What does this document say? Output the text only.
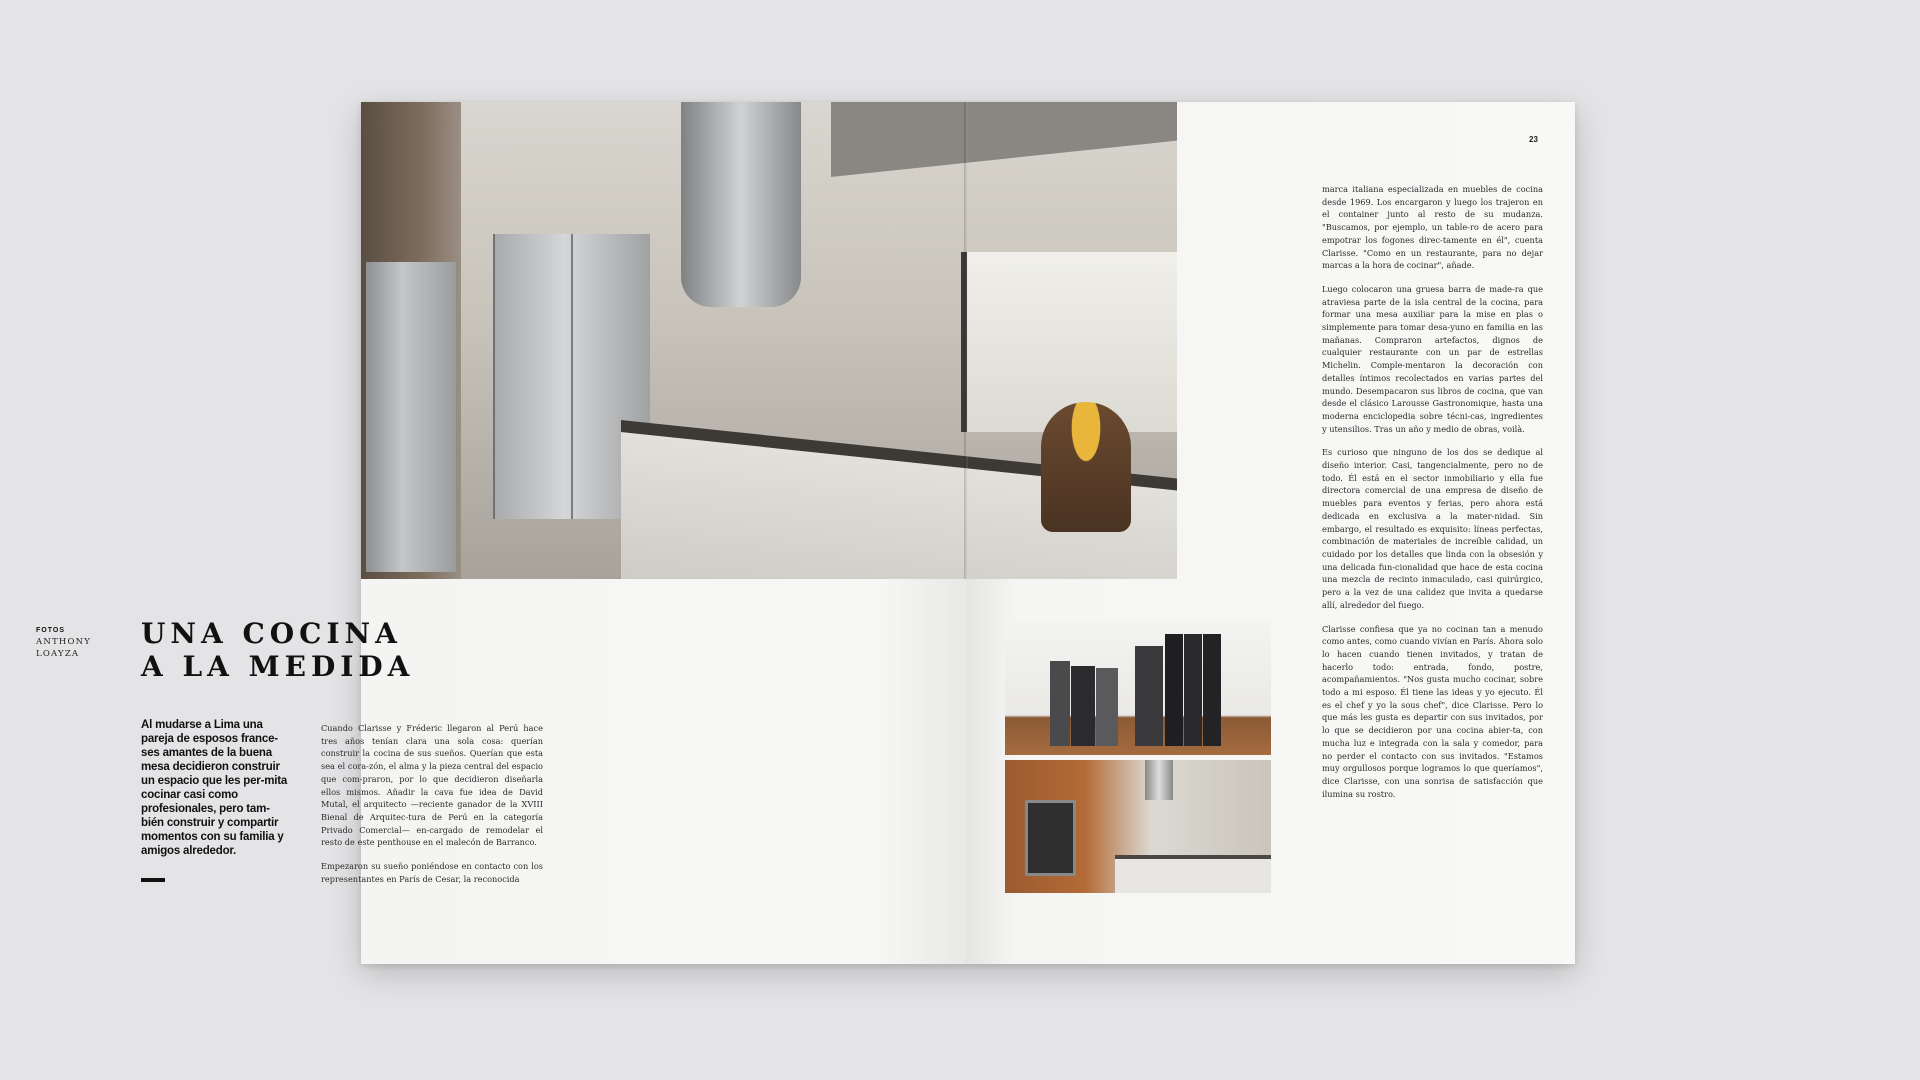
FOTOS
ANTHONY LOAYZA
UNA COCINA
A LA MEDIDA

Al mudarse a Lima una pareja de esposos france-ses amantes de la buena mesa decidieron construir un espacio que les per-mita cocinar casi como profesionales, pero tam-bién construir y compartir momentos con su familia y amigos alrededor.

Cuando Clarisse y Fréderic llegaron al Perú hace tres años tenían clara una sola cosa: querían construir la cocina de sus sueños. Querían que esta sea el cora-zón, el alma y la pieza central del espacio que com-praron, por lo que decidieron diseñarla ellos mismos. Añadir la cava fue idea de David Mutal, el arquitecto —reciente ganador de la XVIII Bienal de Arquitec-tura de Perú en la categoría Privado Comercial— en-cargado de remodelar el resto de este penthouse en el malecón de Barranco.

Empezaron su sueño poniéndose en contacto con los representantes en París de Cesar, la reconocida

23

marca italiana especializada en muebles de cocina desde 1969. Los encargaron y luego los trajeron en el container junto al resto de su mudanza. "Buscamos, por ejemplo, un table-ro de acero para empotrar los fogones direc-tamente en él", cuenta Clarisse. "Como en un restaurante, para no dejar marcas a la hora de cocinar", añade.

Luego colocaron una gruesa barra de made-ra que atraviesa parte de la isla central de la cocina, para formar una mesa auxiliar para la mise en plas o simplemente para tomar desa-yuno en familia en las mañanas. Compraron artefactos, dignos de cualquier restaurante con un par de estrellas Michelin. Comple-mentaron la decoración con detalles íntimos recolectados en varias partes del mundo. Desempacaron sus libros de cocina, que van desde el clásico Larousse Gastronomique, hasta una moderna enciclopedia sobre técni-cas, ingredientes y utensilios. Tras un año y medio de obras, voilà.

Es curioso que ninguno de los dos se dedique al diseño interior. Casi, tangencialmente, pero no de todo. Él está en el sector inmobiliario y ella fue directora comercial de una empresa de diseño de muebles para eventos y ferias, pero ahora está dedicada en exclusiva a la mater-nidad. Sin embargo, el resultado es exquisito: líneas perfectas, combinación de materiales de increíble calidad, un cuidado por los detalles que linda con la obsesión y una delicada fun-cionalidad que hace de esta cocina una mezcla de recinto inmaculado, casi quirúrgico, pero a la vez de una calidez que invita a quedarse allí, alrededor del fuego.

Clarisse confiesa que ya no cocinan tan a menudo como antes, como cuando vivían en París. Ahora solo lo hacen cuando tienen invitados, y tratan de hacerlo todo: entrada, fondo, postre, acompañamientos. "Nos gusta mucho cocinar, sobre todo a mi esposo. Él tiene las ideas y yo ejecuto. Él es el chef y yo la sous chef", dice Clarisse. Pero lo que más les gusta es departir con sus invitados, por lo que se decidieron por una cocina abier-ta, con mucha luz e integrada con la sala y comedor, para no perder el contacto con sus invitados. "Estamos muy orgullosos porque logramos lo que queríamos", dice Clarisse, con una sonrisa de satisfacción que ilumina su rostro.
